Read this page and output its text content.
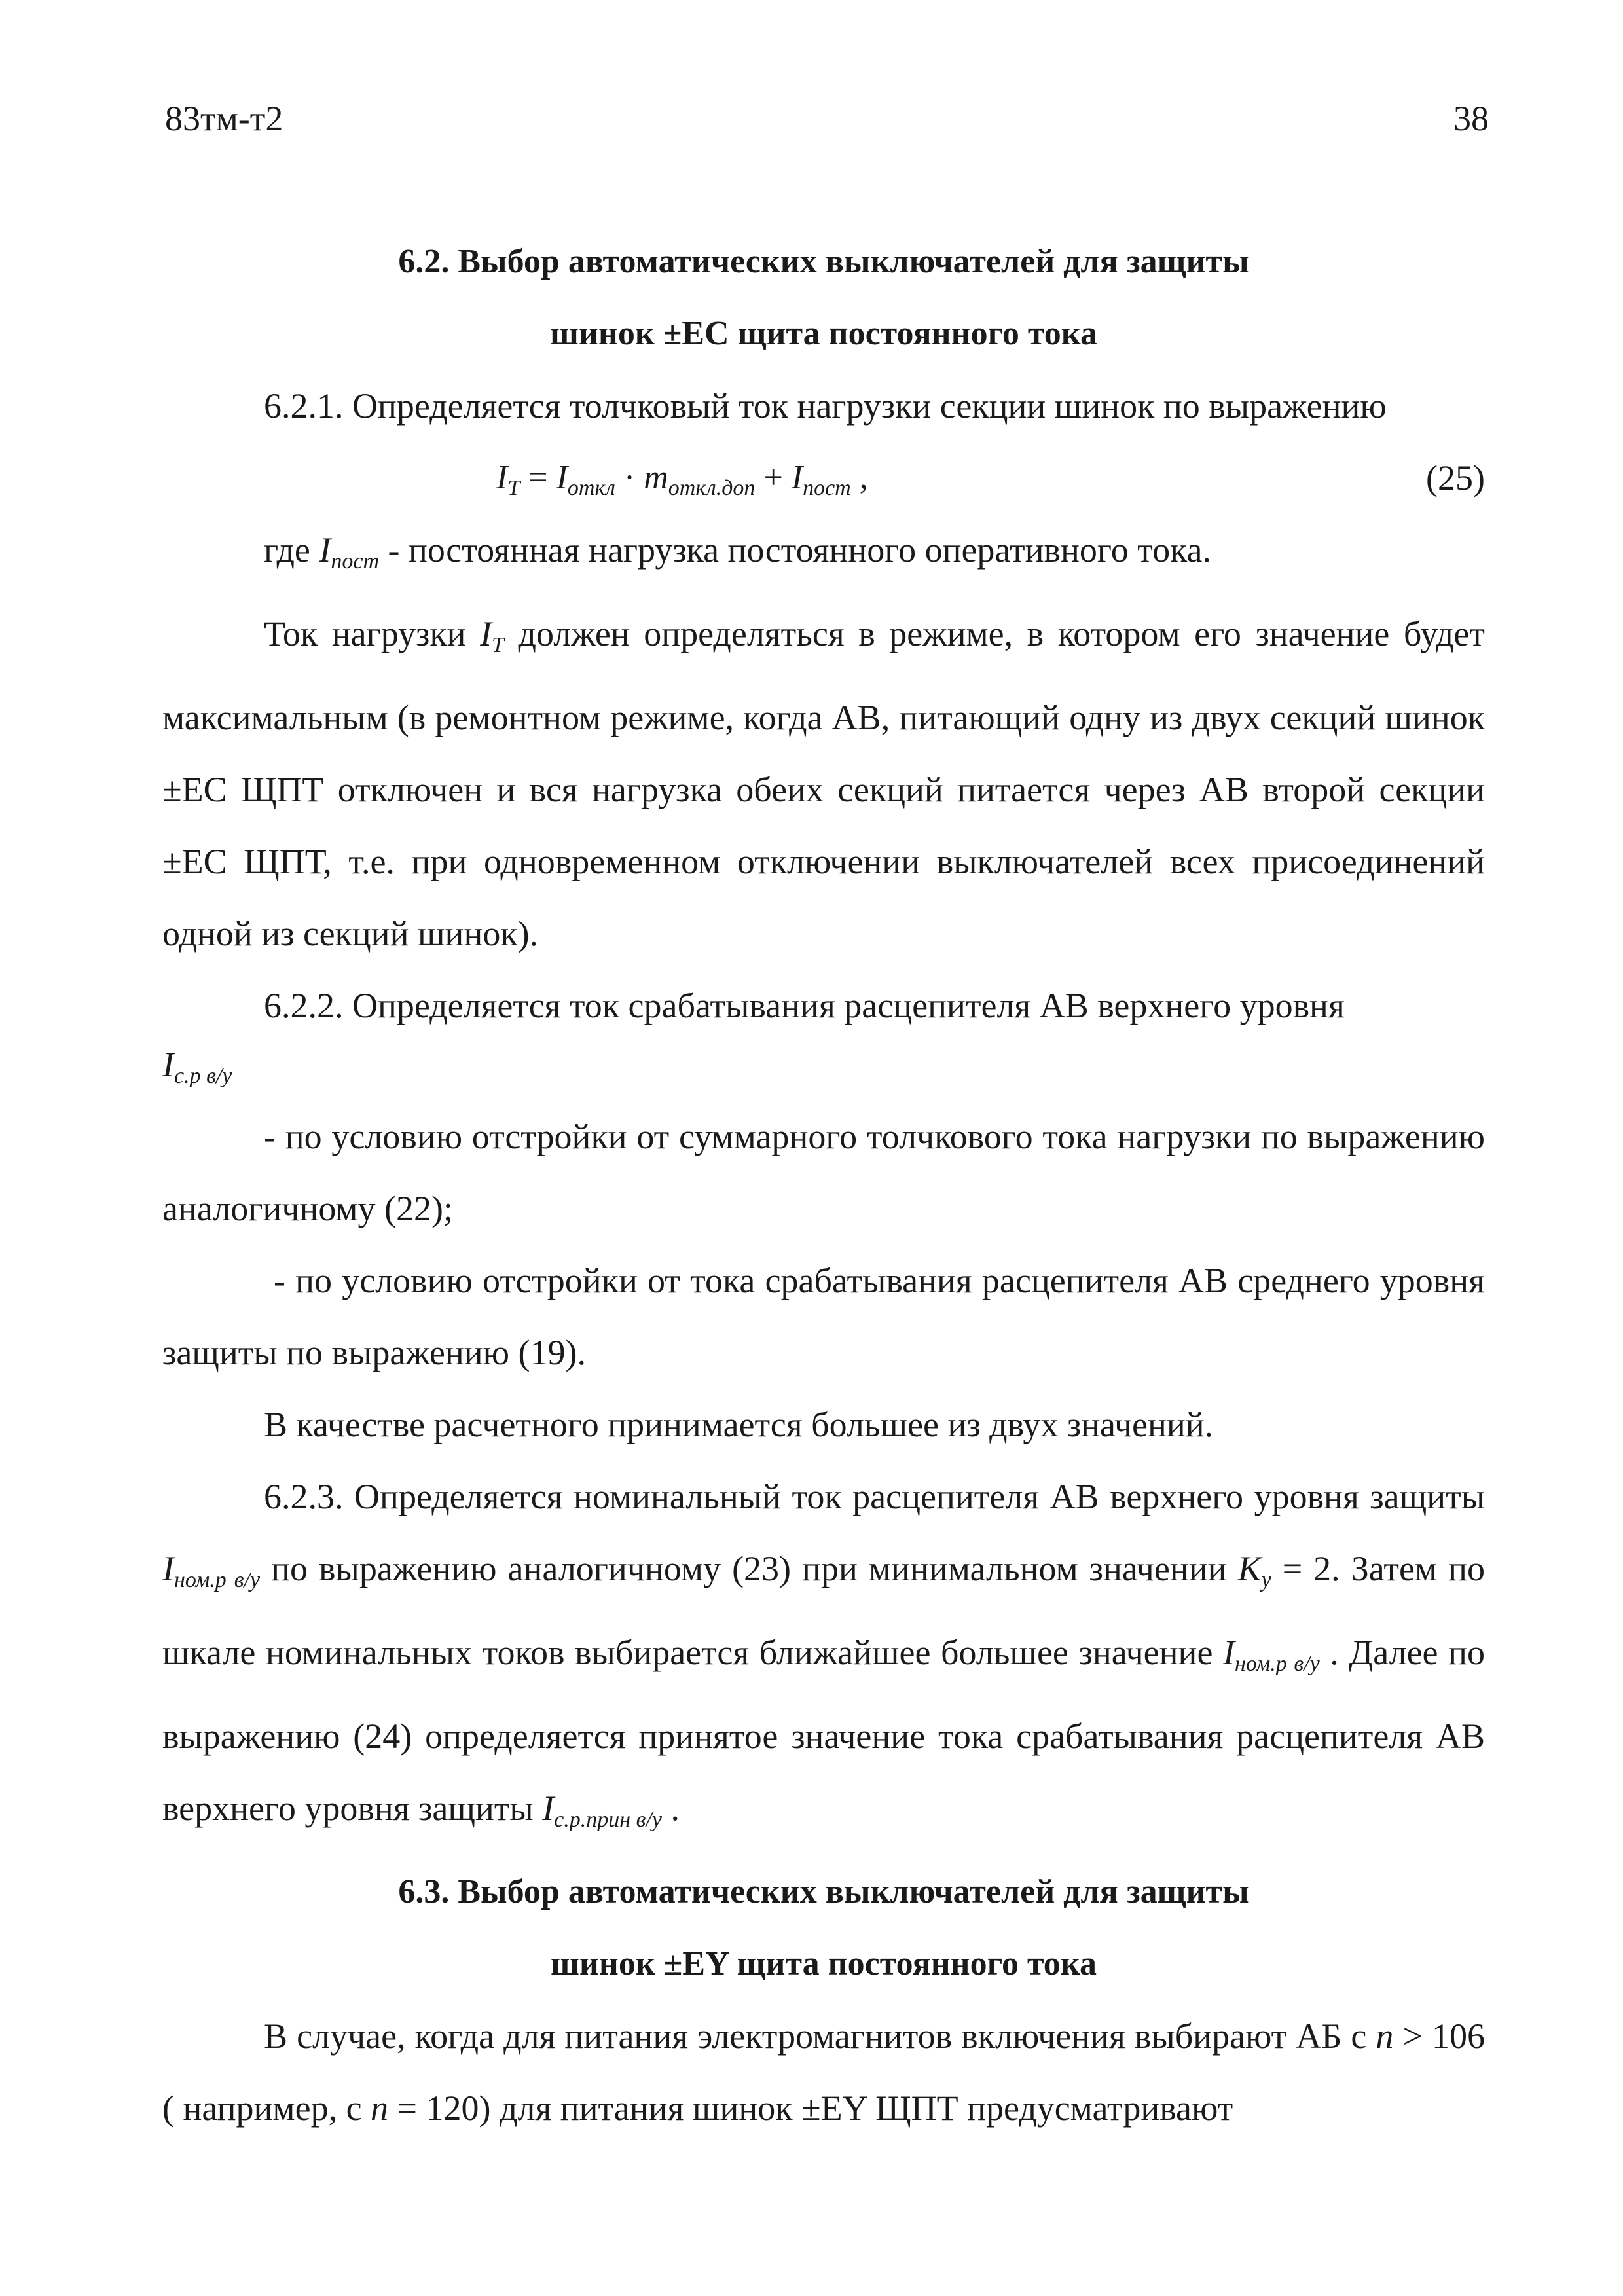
83тм-т2	38
6.2. Выбор автоматических выключателей для защиты
шинок ±ЕС щита постоянного тока

6.2.1. Определяется толчковый ток нагрузки секции шинок по выражению

$I_T = I_{откл} \cdot m_{откл.доп} + I_{пост}$ ,	(25)

где $I_{пост}$ - постоянная нагрузка постоянного оперативного тока.

Ток нагрузки $I_T$ должен определяться в режиме, в котором его значение будет максимальным (в ремонтном режиме, когда АВ, питающий одну из двух секций шинок ±ЕС ЩПТ отключен и вся нагрузка обеих секций питается через АВ второй секции ±ЕС ЩПТ, т.е. при одновременном отключении выключателей всех присоединений одной из секций шинок).

6.2.2. Определяется ток срабатывания расцепителя АВ верхнего уровня

$I_{с.р в/у}$

- по условию отстройки от суммарного толчкового тока нагрузки по выражению аналогичному (22);

- по условию отстройки от тока срабатывания расцепителя АВ среднего уровня защиты по выражению (19).

В качестве расчетного принимается большее из двух значений.

6.2.3. Определяется номинальный ток расцепителя АВ верхнего уровня защиты $I_{ном.р в/у}$ по выражению аналогичному (23) при минимальном значении $K_у = 2$. Затем по шкале номинальных токов выбирается ближайшее большее значение $I_{ном.р в/у}$ . Далее по выражению (24) определяется принятое значение тока срабатывания расцепителя АВ верхнего уровня защиты $I_{с.р.прин в/у}$ .

6.3. Выбор автоматических выключателей для защиты
шинок ±ЕY щита постоянного тока

В случае, когда для питания электромагнитов включения выбирают АБ с n > 106 ( например, с n = 120) для питания шинок ±ЕY ЩПТ предусматривают
